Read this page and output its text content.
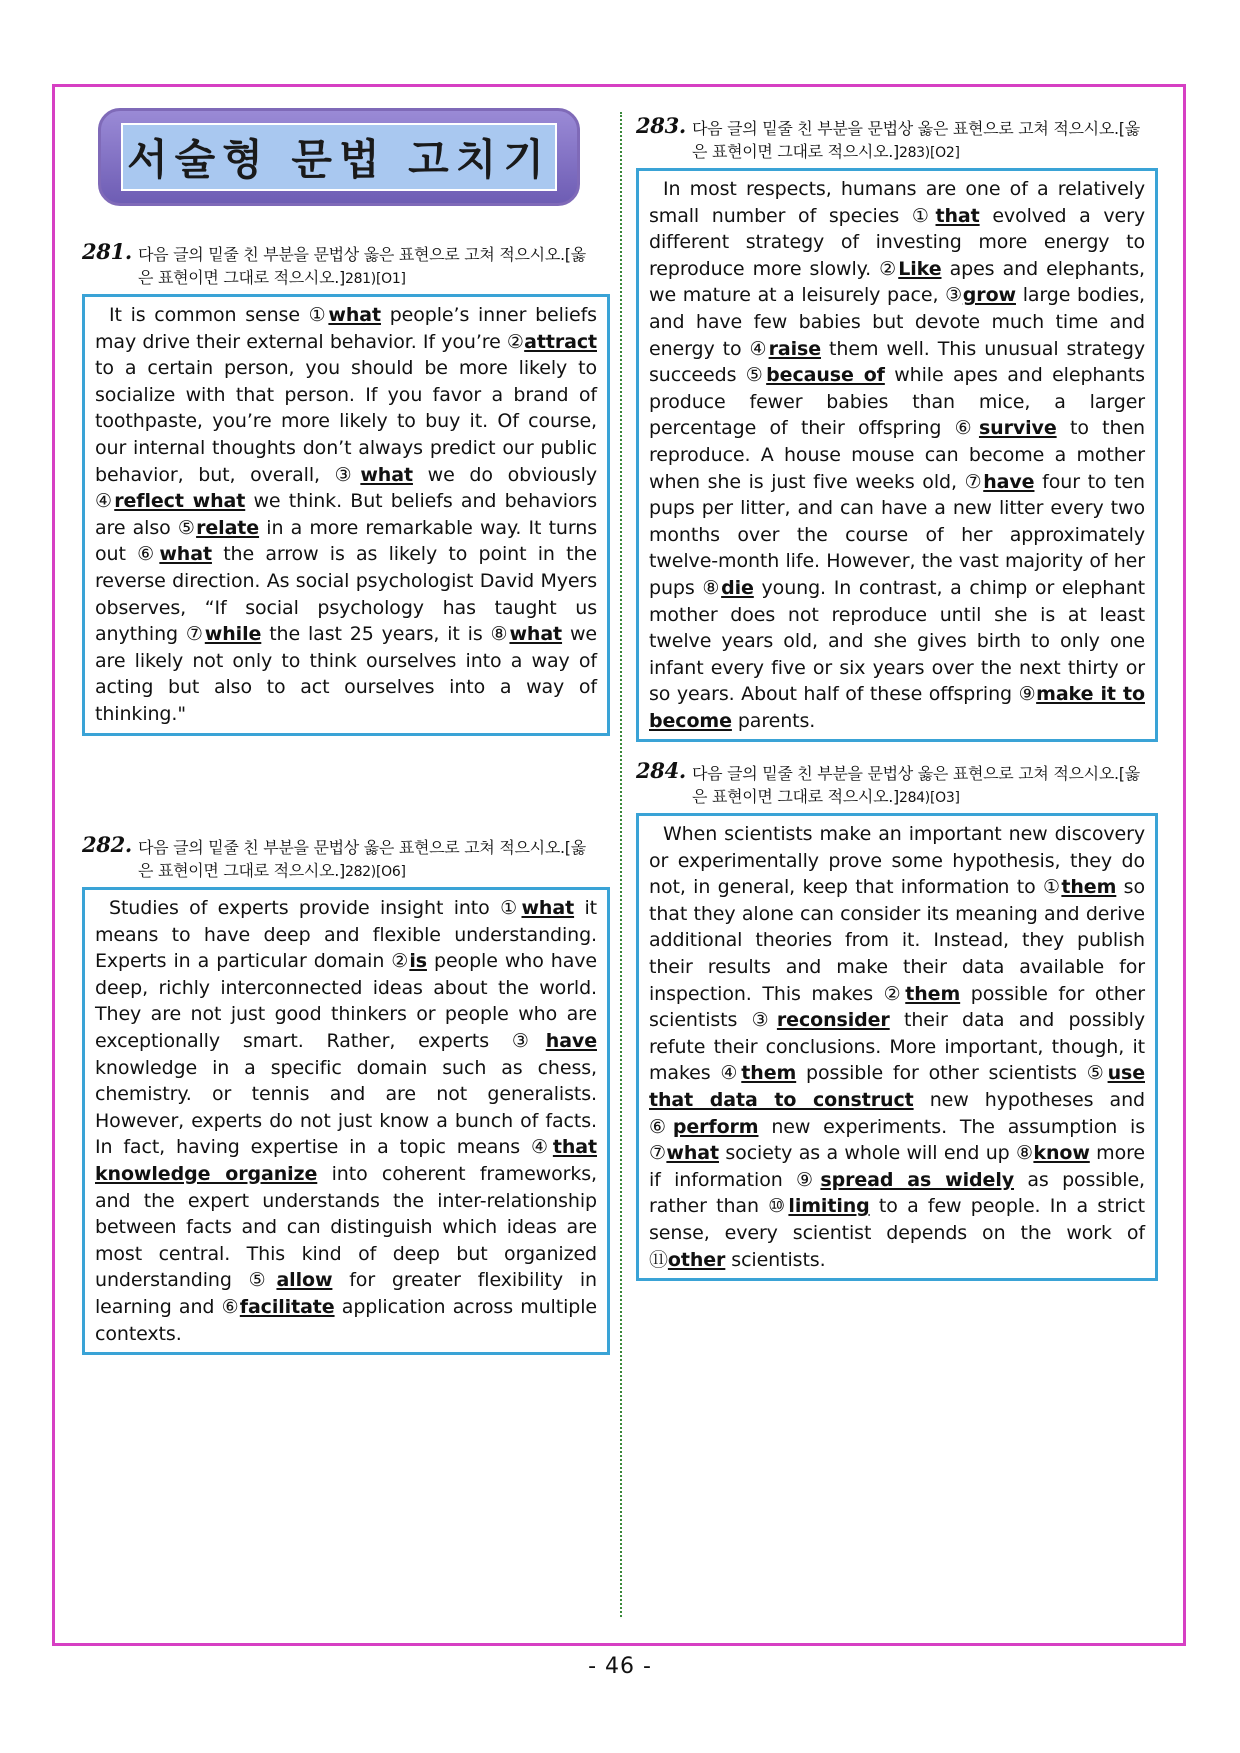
서술형 문법 고치기
281. 다음 글의 밑줄 친 부분을 문법상 옳은 표현으로 고쳐 적으시오.[옳
은 표현이면 그대로 적으시오.]281)[O1]
It is common sense ①what people’s inner beliefs may drive their external behavior. If you’re ②attract to a certain person, you should be more likely to socialize with that person. If you favor a brand of toothpaste, you’re more likely to buy it. Of course, our internal thoughts don’t always predict our public behavior, but, overall, ③what we do obviously ④reflect what we think. But beliefs and behaviors are also ⑤relate in a more remarkable way. It turns out ⑥what the arrow is as likely to point in the reverse direction. As social psychologist David Myers observes, “If social psychology has taught us anything ⑦while the last 25 years, it is ⑧what we are likely not only to think ourselves into a way of acting but also to act ourselves into a way of thinking."
282. 다음 글의 밑줄 친 부분을 문법상 옳은 표현으로 고쳐 적으시오.[옳
은 표현이면 그대로 적으시오.]282)[O6]
Studies of experts provide insight into ①what it means to have deep and flexible understanding. Experts in a particular domain ②is people who have deep, richly interconnected ideas about the world. They are not just good thinkers or people who are exceptionally smart. Rather, experts ③have knowledge in a specific domain such as chess, chemistry. or tennis and are not generalists. However, experts do not just know a bunch of facts. In fact, having expertise in a topic means ④that knowledge organize into coherent frameworks, and the expert understands the inter-relationship between facts and can distinguish which ideas are most central. This kind of deep but organized understanding ⑤allow for greater flexibility in learning and ⑥facilitate application across multiple contexts.
283. 다음 글의 밑줄 친 부분을 문법상 옳은 표현으로 고쳐 적으시오.[옳
은 표현이면 그대로 적으시오.]283)[O2]
In most respects, humans are one of a relatively small number of species ①that evolved a very different strategy of investing more energy to reproduce more slowly. ②Like apes and elephants, we mature at a leisurely pace, ③grow large bodies, and have few babies but devote much time and energy to ④raise them well. This unusual strategy succeeds ⑤because of while apes and elephants produce fewer babies than mice, a larger percentage of their offspring ⑥survive to then reproduce. A house mouse can become a mother when she is just five weeks old, ⑦have four to ten pups per litter, and can have a new litter every two months over the course of her approximately twelve-month life. However, the vast majority of her pups ⑧die young. In contrast, a chimp or elephant mother does not reproduce until she is at least twelve years old, and she gives birth to only one infant every five or six years over the next thirty or so years. About half of these offspring ⑨make it to become parents.
284. 다음 글의 밑줄 친 부분을 문법상 옳은 표현으로 고쳐 적으시오.[옳
은 표현이면 그대로 적으시오.]284)[O3]
When scientists make an important new discovery or experimentally prove some hypothesis, they do not, in general, keep that information to ①them so that they alone can consider its meaning and derive additional theories from it. Instead, they publish their results and make their data available for inspection. This makes ②them possible for other scientists ③reconsider their data and possibly refute their conclusions. More important, though, it makes ④them possible for other scientists ⑤use that data to construct new hypotheses and ⑥perform new experiments. The assumption is ⑦what society as a whole will end up ⑧know more if information ⑨spread as widely as possible, rather than ⑩limiting to a few people. In a strict sense, every scientist depends on the work of ⑪other scientists.
- 46 -
